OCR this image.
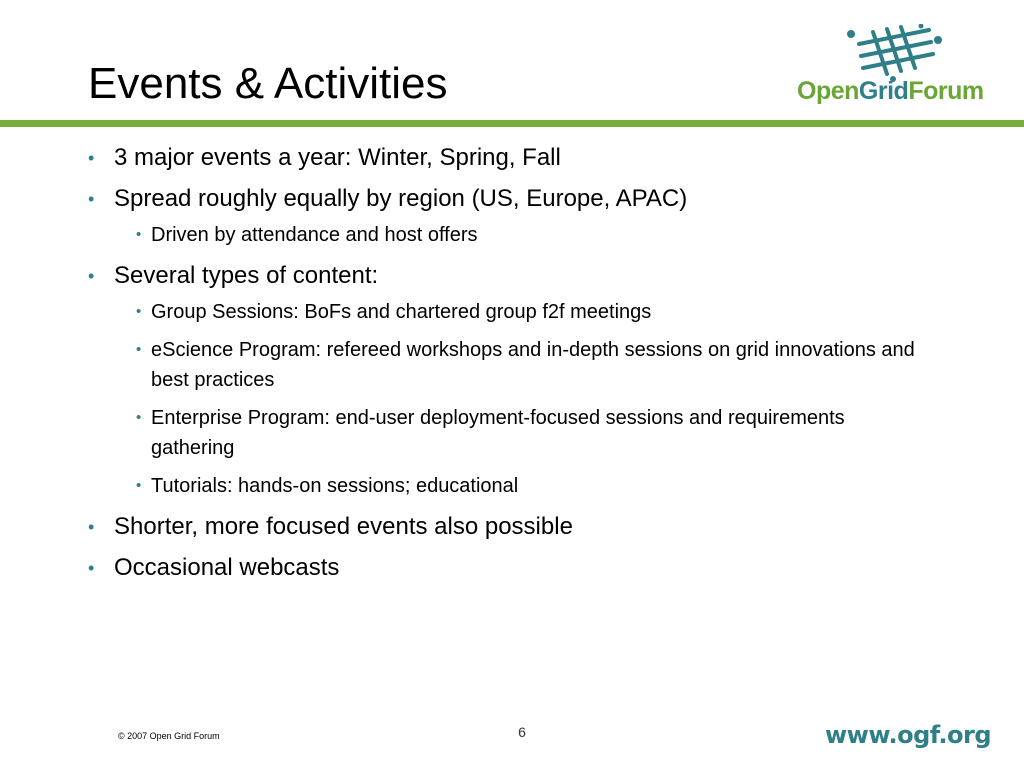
Events & Activities	OpenGridForum
• 3 major events a year: Winter, Spring, Fall
• Spread roughly equally by region (US, Europe, APAC)
• Driven by attendance and host offers
• Several types of content:
• Group Sessions: BoFs and chartered group f2f meetings
• eScience Program: refereed workshops and in-depth sessions on grid innovations and best practices
• Enterprise Program: end-user deployment-focused sessions and requirements gathering
• Tutorials: hands-on sessions; educational
• Shorter, more focused events also possible
• Occasional webcasts
© 2007 Open Grid Forum	6	www.ogf.org
